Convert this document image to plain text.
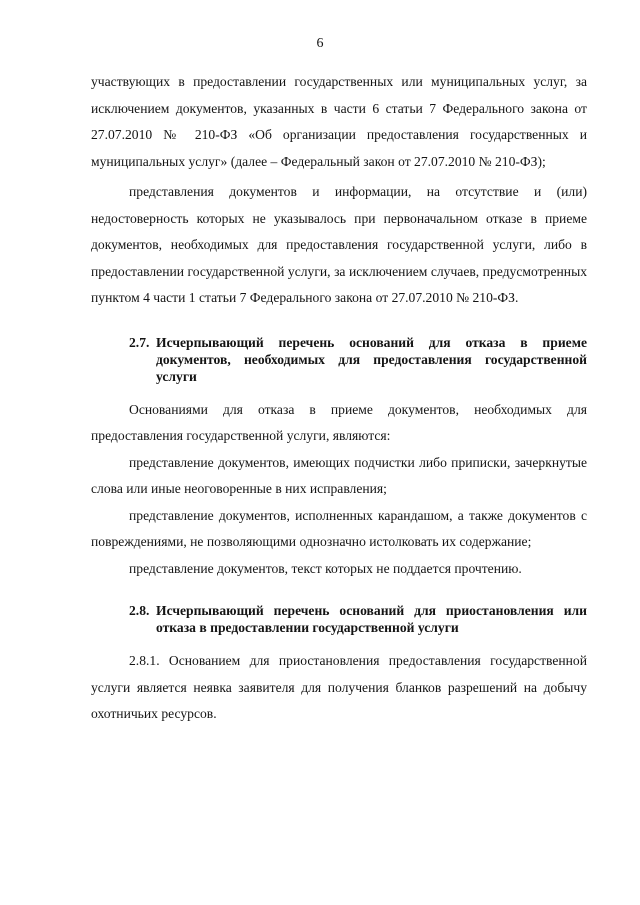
6

участвующих в предоставлении государственных или муниципальных услуг, за исключением документов, указанных в части 6 статьи 7 Федерального закона от 27.07.2010 № 210-ФЗ «Об организации предоставления государственных и муниципальных услуг» (далее – Федеральный закон от 27.07.2010 № 210-ФЗ);

представления документов и информации, на отсутствие и (или) недостоверность которых не указывалось при первоначальном отказе в приеме документов, необходимых для предоставления государственной услуги, либо в предоставлении государственной услуги, за исключением случаев, предусмотренных пунктом 4 части 1 статьи 7 Федерального закона от 27.07.2010 № 210-ФЗ.

2.7. Исчерпывающий перечень оснований для отказа в приеме документов, необходимых для предоставления государственной услуги

Основаниями для отказа в приеме документов, необходимых для предоставления государственной услуги, являются:

представление документов, имеющих подчистки либо приписки, зачеркнутые слова или иные неоговоренные в них исправления;

представление документов, исполненных карандашом, а также документов с повреждениями, не позволяющими однозначно истолковать их содержание;

представление документов, текст которых не поддается прочтению.

2.8. Исчерпывающий перечень оснований для приостановления или отказа в предоставлении государственной услуги

2.8.1. Основанием для приостановления предоставления государственной услуги является неявка заявителя для получения бланков разрешений на добычу охотничьих ресурсов.
